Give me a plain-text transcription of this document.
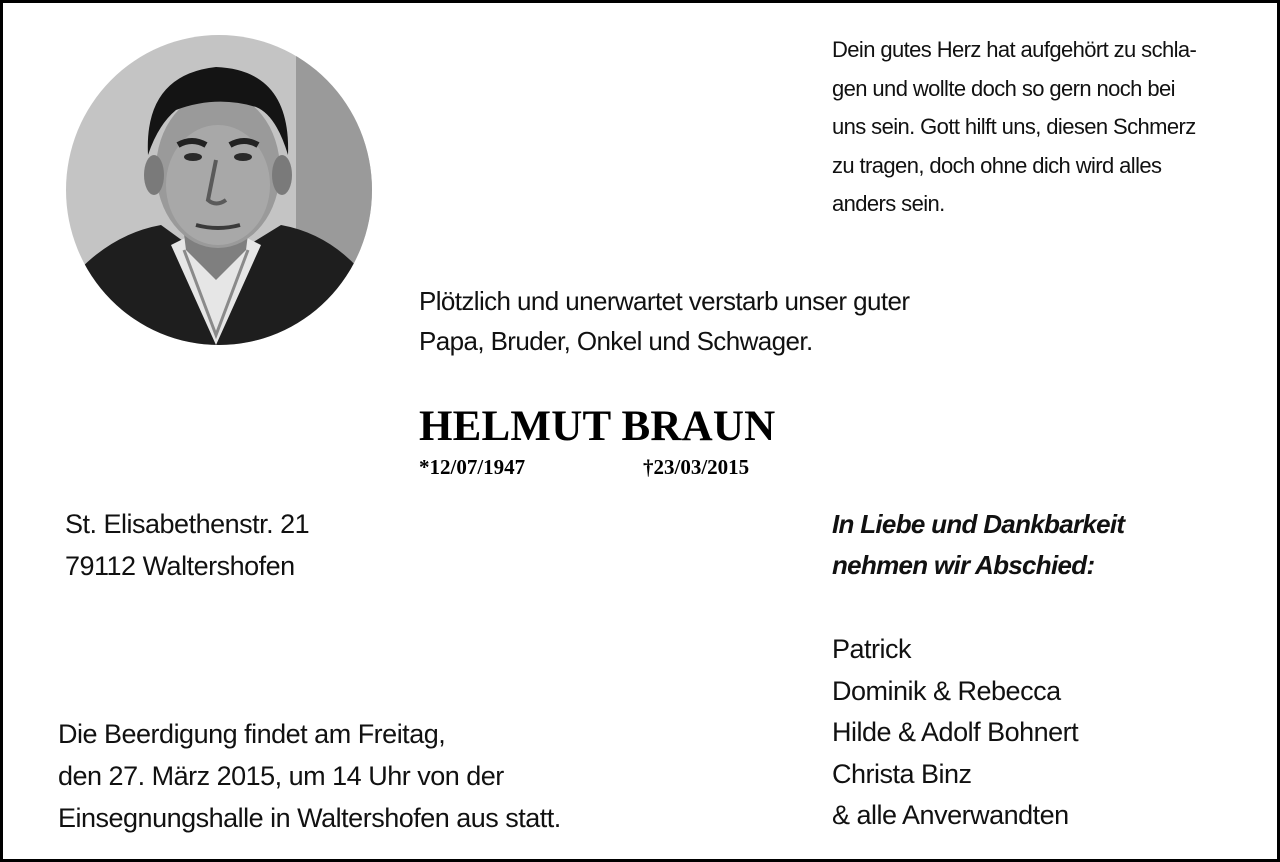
Dein gutes Herz hat aufgehört zu schla-
gen und wollte doch so gern noch bei
uns sein. Gott hilft uns, diesen Schmerz
zu tragen, doch ohne dich wird alles
anders sein.

Plötzlich und unerwartet verstarb unser guter
Papa, Bruder, Onkel und Schwager.

HELMUT BRAUN
*12/07/1947	†23/03/2015

St. Elisabethenstr. 21
79112 Waltershofen

In Liebe und Dankbarkeit
nehmen wir Abschied:

Patrick
Dominik & Rebecca
Hilde & Adolf Bohnert
Christa Binz
& alle Anverwandten

Die Beerdigung findet am Freitag,
den 27. März 2015, um 14 Uhr von der
Einsegnungshalle in Waltershofen aus statt.
